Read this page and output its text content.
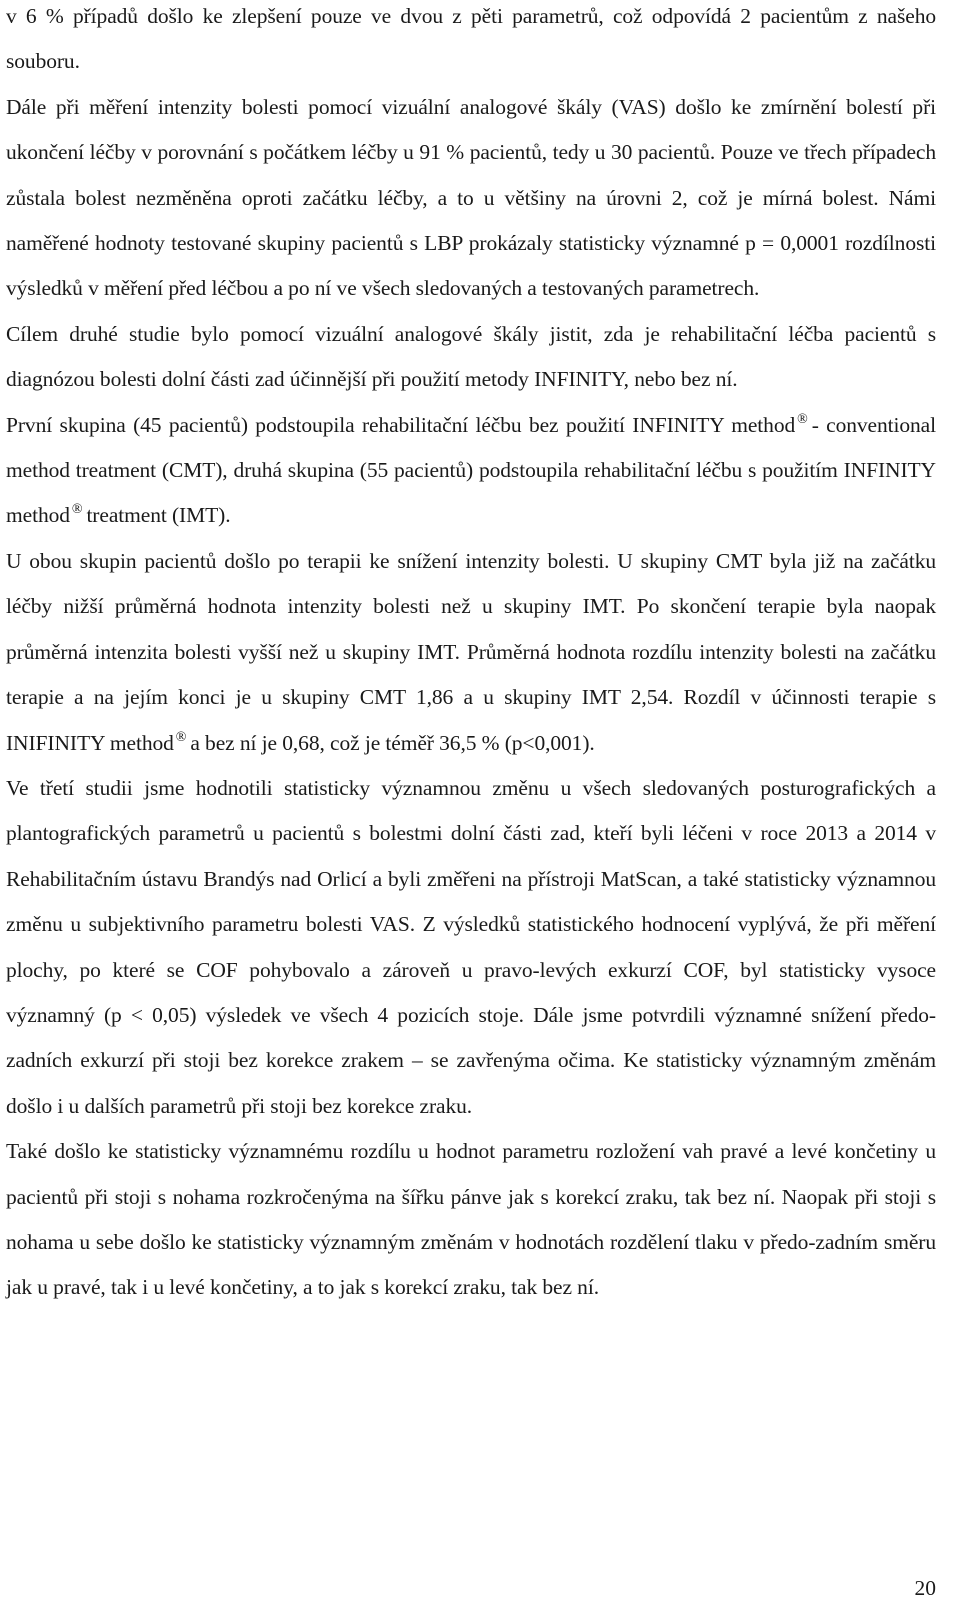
v 6 % případů došlo ke zlepšení pouze ve dvou z pěti parametrů, což odpovídá 2 pacientům z našeho souboru.

Dále při měření intenzity bolesti pomocí vizuální analogové škály (VAS) došlo ke zmírnění bolestí při ukončení léčby v porovnání s počátkem léčby u 91 % pacientů, tedy u 30 pacientů. Pouze ve třech případech zůstala bolest nezměněna oproti začátku léčby, a to u většiny na úrovni 2, což je mírná bolest. Námi naměřené hodnoty testované skupiny pacientů s LBP prokázaly statisticky významné p = 0,0001 rozdílnosti výsledků v měření před léčbou a po ní ve všech sledovaných a testovaných parametrech.

Cílem druhé studie bylo pomocí vizuální analogové škály jistit, zda je rehabilitační léčba pacientů s diagnózou bolesti dolní části zad účinnější při použití metody INFINITY, nebo bez ní.

První skupina (45 pacientů) podstoupila rehabilitační léčbu bez použití INFINITY method ® - conventional method treatment (CMT), druhá skupina (55 pacientů) podstoupila rehabilitační léčbu s použitím INFINITY method ® treatment (IMT).

U obou skupin pacientů došlo po terapii ke snížení intenzity bolesti. U skupiny CMT byla již na začátku léčby nižší průměrná hodnota intenzity bolesti než u skupiny IMT. Po skončení terapie byla naopak průměrná intenzita bolesti vyšší než u skupiny IMT. Průměrná hodnota rozdílu intenzity bolesti na začátku terapie a na jejím konci je u skupiny CMT 1,86 a u skupiny IMT 2,54. Rozdíl v účinnosti terapie s INIFINITY method ® a bez ní je 0,68, což je téměř 36,5 % (p<0,001).

Ve třetí studii jsme hodnotili statisticky významnou změnu u všech sledovaných posturografických a plantografických parametrů u pacientů s bolestmi dolní části zad, kteří byli léčeni v roce 2013 a 2014 v Rehabilitačním ústavu Brandýs nad Orlicí a byli změřeni na přístroji MatScan, a také statisticky významnou změnu u subjektivního parametru bolesti VAS. Z výsledků statistického hodnocení vyplývá, že při měření plochy, po které se COF pohybovalo a zároveň u pravo-levých exkurzí COF, byl statisticky vysoce významný (p < 0,05) výsledek ve všech 4 pozicích stoje. Dále jsme potvrdili významné snížení předo-zadních exkurzí při stoji bez korekce zrakem – se zavřenýma očima. Ke statisticky významným změnám došlo i u dalších parametrů při stoji bez korekce zraku.

Také došlo ke statisticky významnému rozdílu u hodnot parametru rozložení vah pravé a levé končetiny u pacientů při stoji s nohama rozkročenýma na šířku pánve jak s korekcí zraku, tak bez ní. Naopak při stoji s nohama u sebe došlo ke statisticky významným změnám v hodnotách rozdělení tlaku v předo-zadním směru jak u pravé, tak i u levé končetiny, a to jak s korekcí zraku, tak bez ní.

20
